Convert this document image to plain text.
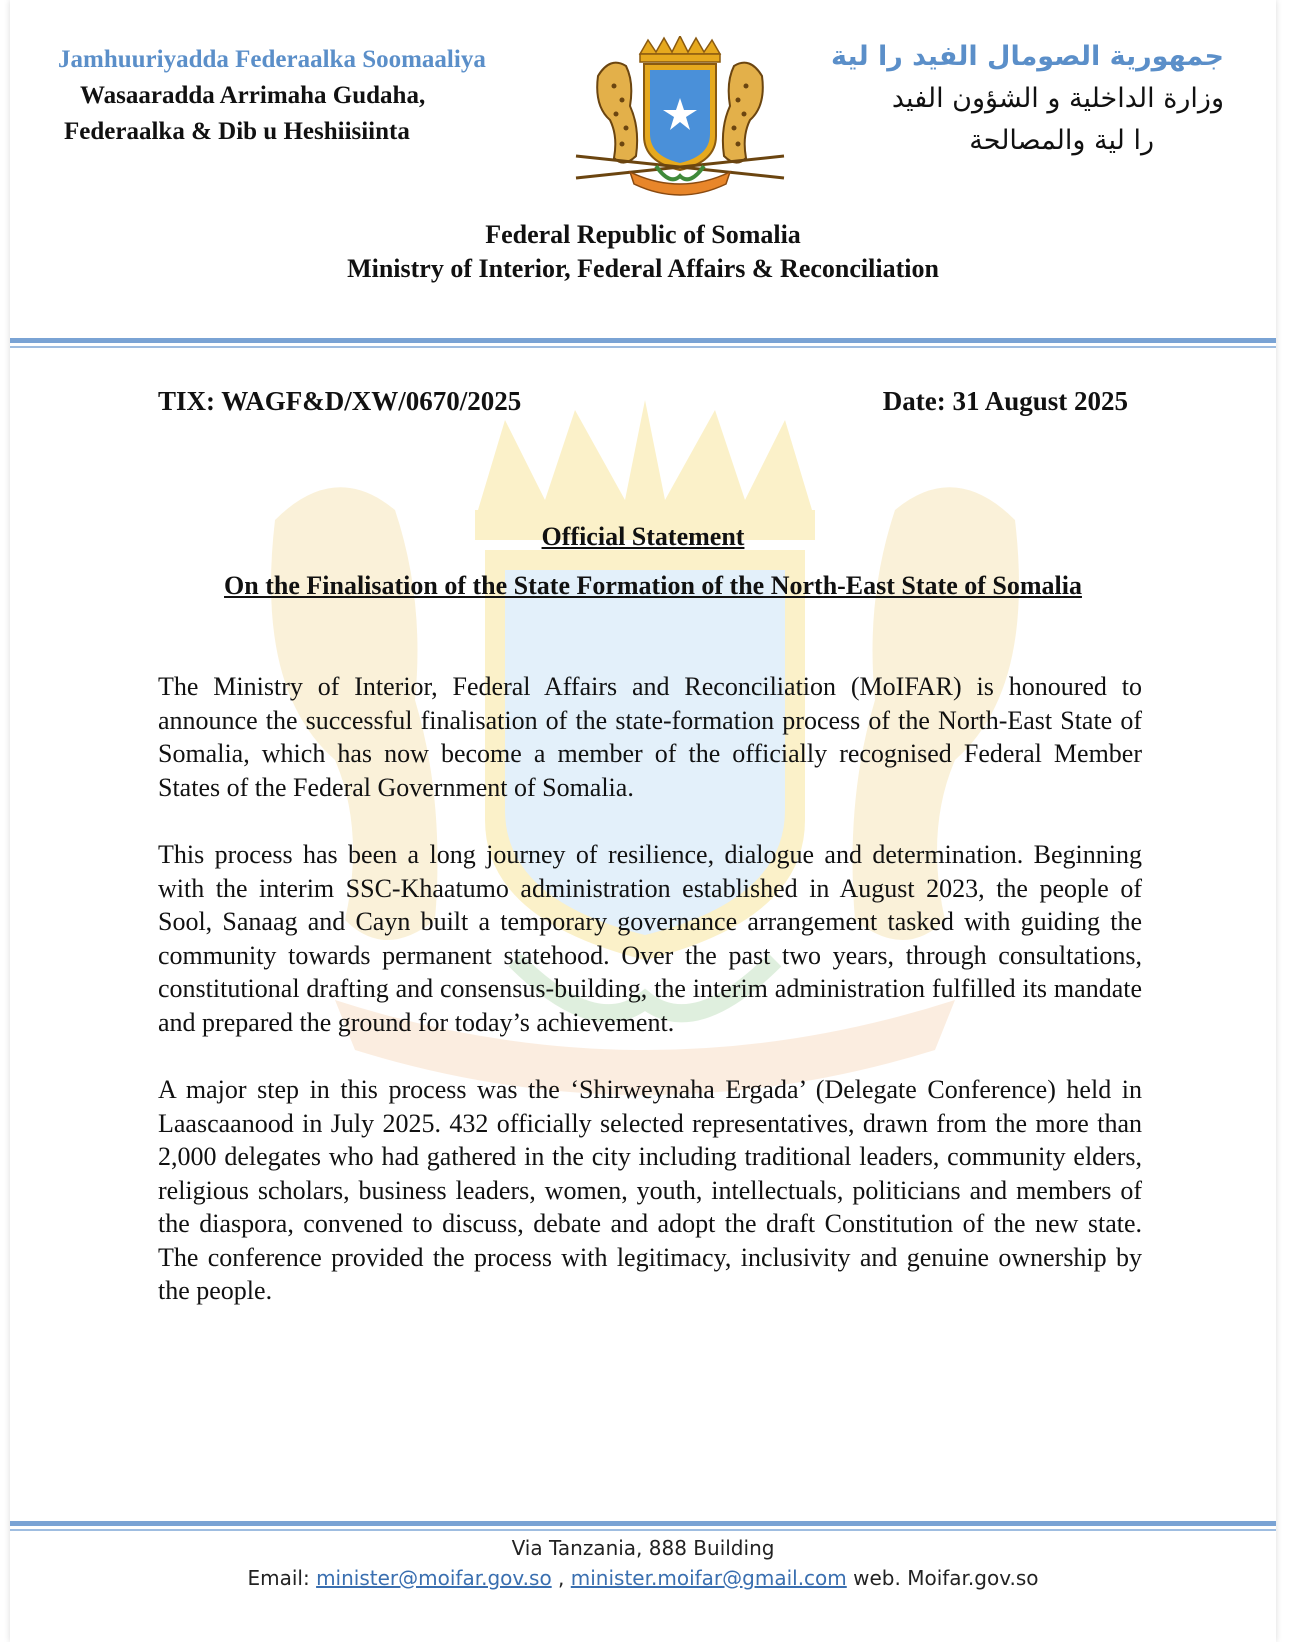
Jamhuuriyadda Federaalka Soomaaliya
Wasaaradda Arrimaha Gudaha,
Federaalka & Dib u Heshiisiinta
جمهورية الصومال الفيد را لية
وزارة الداخلية و الشؤون الفيد
را لية والمصالحة
Federal Republic of Somalia
Ministry of Interior, Federal Affairs & Reconciliation
TIX: WAGF&D/XW/0670/2025	Date: 31 August 2025
Official Statement
On the Finalisation of the State Formation of the North-East State of Somalia

The Ministry of Interior, Federal Affairs and Reconciliation (MoIFAR) is honoured to announce the successful finalisation of the state-formation process of the North-East State of Somalia, which has now become a member of the officially recognised Federal Member States of the Federal Government of Somalia.

This process has been a long journey of resilience, dialogue and determination. Beginning with the interim SSC-Khaatumo administration established in August 2023, the people of Sool, Sanaag and Cayn built a temporary governance arrangement tasked with guiding the community towards permanent statehood. Over the past two years, through consultations, constitutional drafting and consensus-building, the interim administration fulfilled its mandate and prepared the ground for today’s achievement.

A major step in this process was the ‘Shirweynaha Ergada’ (Delegate Conference) held in Laascaanood in July 2025. 432 officially selected representatives, drawn from the more than 2,000 delegates who had gathered in the city including traditional leaders, community elders, religious scholars, business leaders, women, youth, intellectuals, politicians and members of the diaspora, convened to discuss, debate and adopt the draft Constitution of the new state. The conference provided the process with legitimacy, inclusivity and genuine ownership by the people.

Via Tanzania, 888 Building
Email: minister@moifar.gov.so , minister.moifar@gmail.com web. Moifar.gov.so
